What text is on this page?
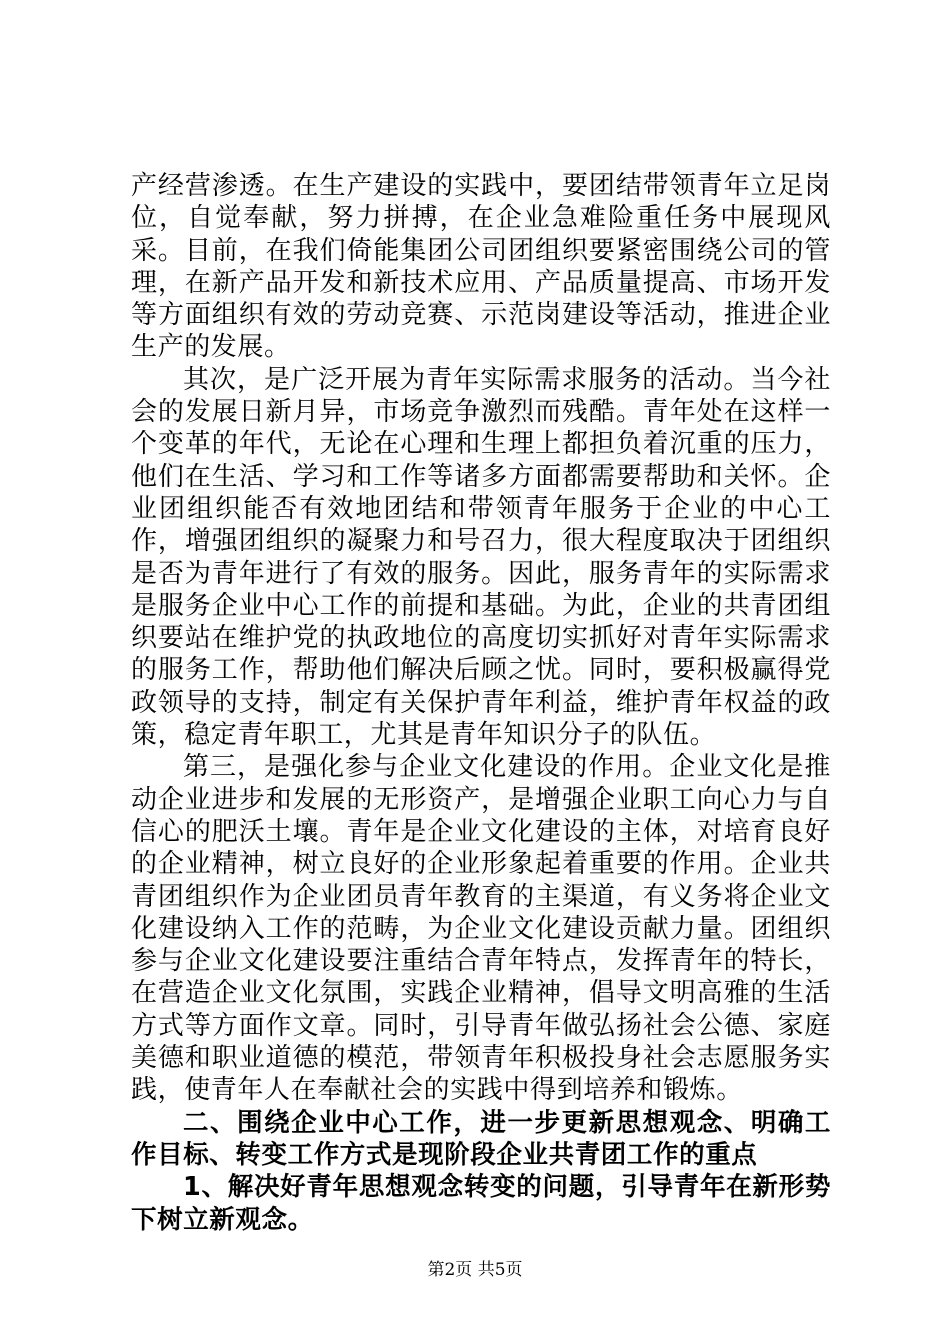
产经营渗透。在生产建设的实践中，要团结带领青年立足岗位，自觉奉献，努力拼搏，在企业急难险重任务中展现风采。目前，在我们倚能集团公司团组织要紧密围绕公司的管理，在新产品开发和新技术应用、产品质量提高、市场开发等方面组织有效的劳动竞赛、示范岗建设等活动，推进企业生产的发展。

其次，是广泛开展为青年实际需求服务的活动。当今社会的发展日新月异，市场竞争激烈而残酷。青年处在这样一个变革的年代，无论在心理和生理上都担负着沉重的压力，他们在生活、学习和工作等诸多方面都需要帮助和关怀。企业团组织能否有效地团结和带领青年服务于企业的中心工作，增强团组织的凝聚力和号召力，很大程度取决于团组织是否为青年进行了有效的服务。因此，服务青年的实际需求是服务企业中心工作的前提和基础。为此，企业的共青团组织要站在维护党的执政地位的高度切实抓好对青年实际需求的服务工作，帮助他们解决后顾之忧。同时，要积极赢得党政领导的支持，制定有关保护青年利益，维护青年权益的政策，稳定青年职工，尤其是青年知识分子的队伍。

第三，是强化参与企业文化建设的作用。企业文化是推动企业进步和发展的无形资产，是增强企业职工向心力与自信心的肥沃土壤。青年是企业文化建设的主体，对培育良好的企业精神，树立良好的企业形象起着重要的作用。企业共青团组织作为企业团员青年教育的主渠道，有义务将企业文化建设纳入工作的范畴，为企业文化建设贡献力量。团组织参与企业文化建设要注重结合青年特点，发挥青年的特长，在营造企业文化氛围，实践企业精神，倡导文明高雅的生活方式等方面作文章。同时，引导青年做弘扬社会公德、家庭美德和职业道德的模范，带领青年积极投身社会志愿服务实践，使青年人在奉献社会的实践中得到培养和锻炼。

二、围绕企业中心工作，进一步更新思想观念、明确工作目标、转变工作方式是现阶段企业共青团工作的重点

1、解决好青年思想观念转变的问题，引导青年在新形势下树立新观念。

第2页 共5页
